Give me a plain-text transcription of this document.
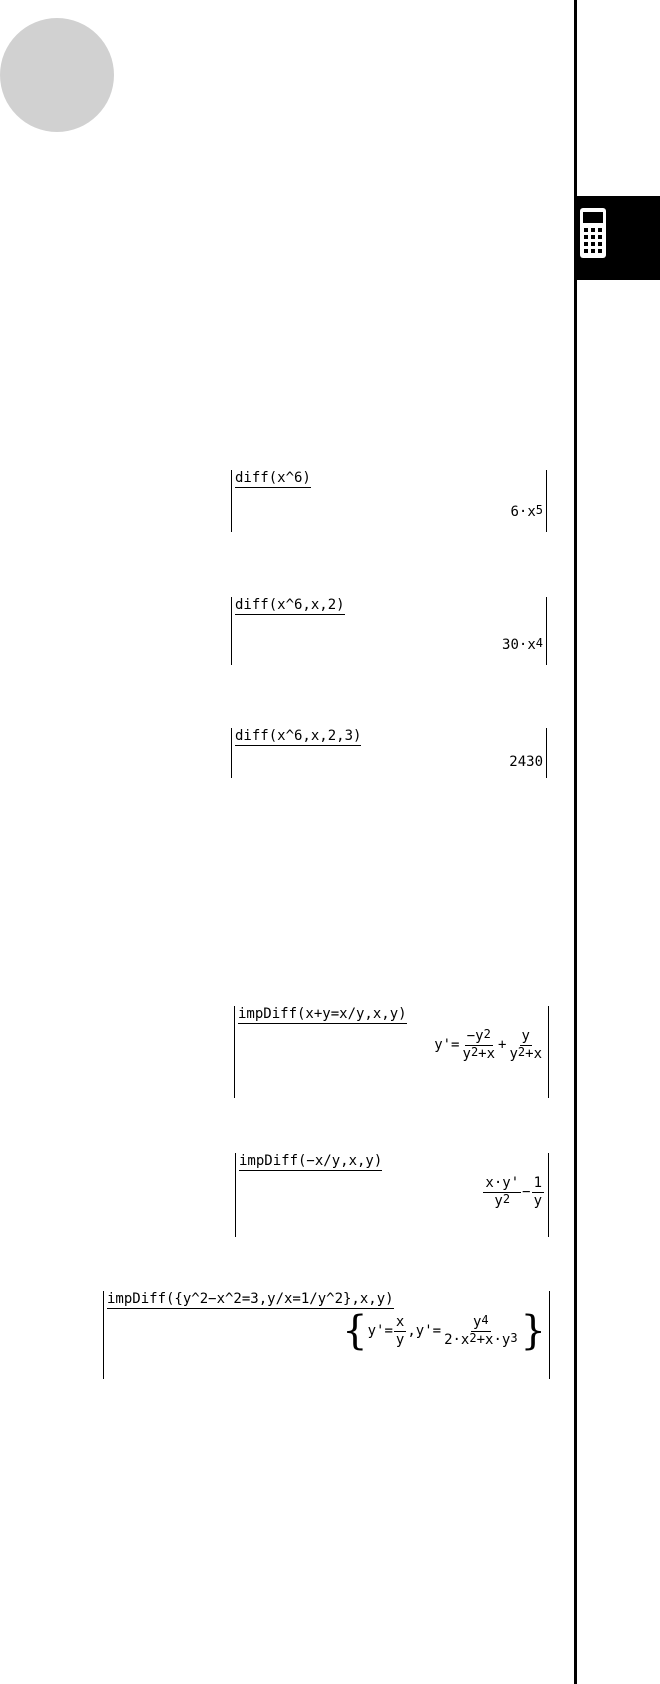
diff(x^6)
$6\cdot x^5$
diff(x^6,x,2)
$30\cdot x^4$
diff(x^6,x,2,3)
2430
impDiff(x+y=x/y,x,y)
$y'= \frac{-y^2}{y^2+x} + \frac{y}{y^2+x}$
impDiff(−x/y,x,y)
$\frac{x\cdot y'}{y^2} - \frac{1}{y}$
impDiff({y^2−x^2=3,y/x=1/y^2},x,y)
{ $y'= \frac{x}{y}$ , $y'= \frac{y^4}{2\cdot x^2+x\cdot y^3}$ }
